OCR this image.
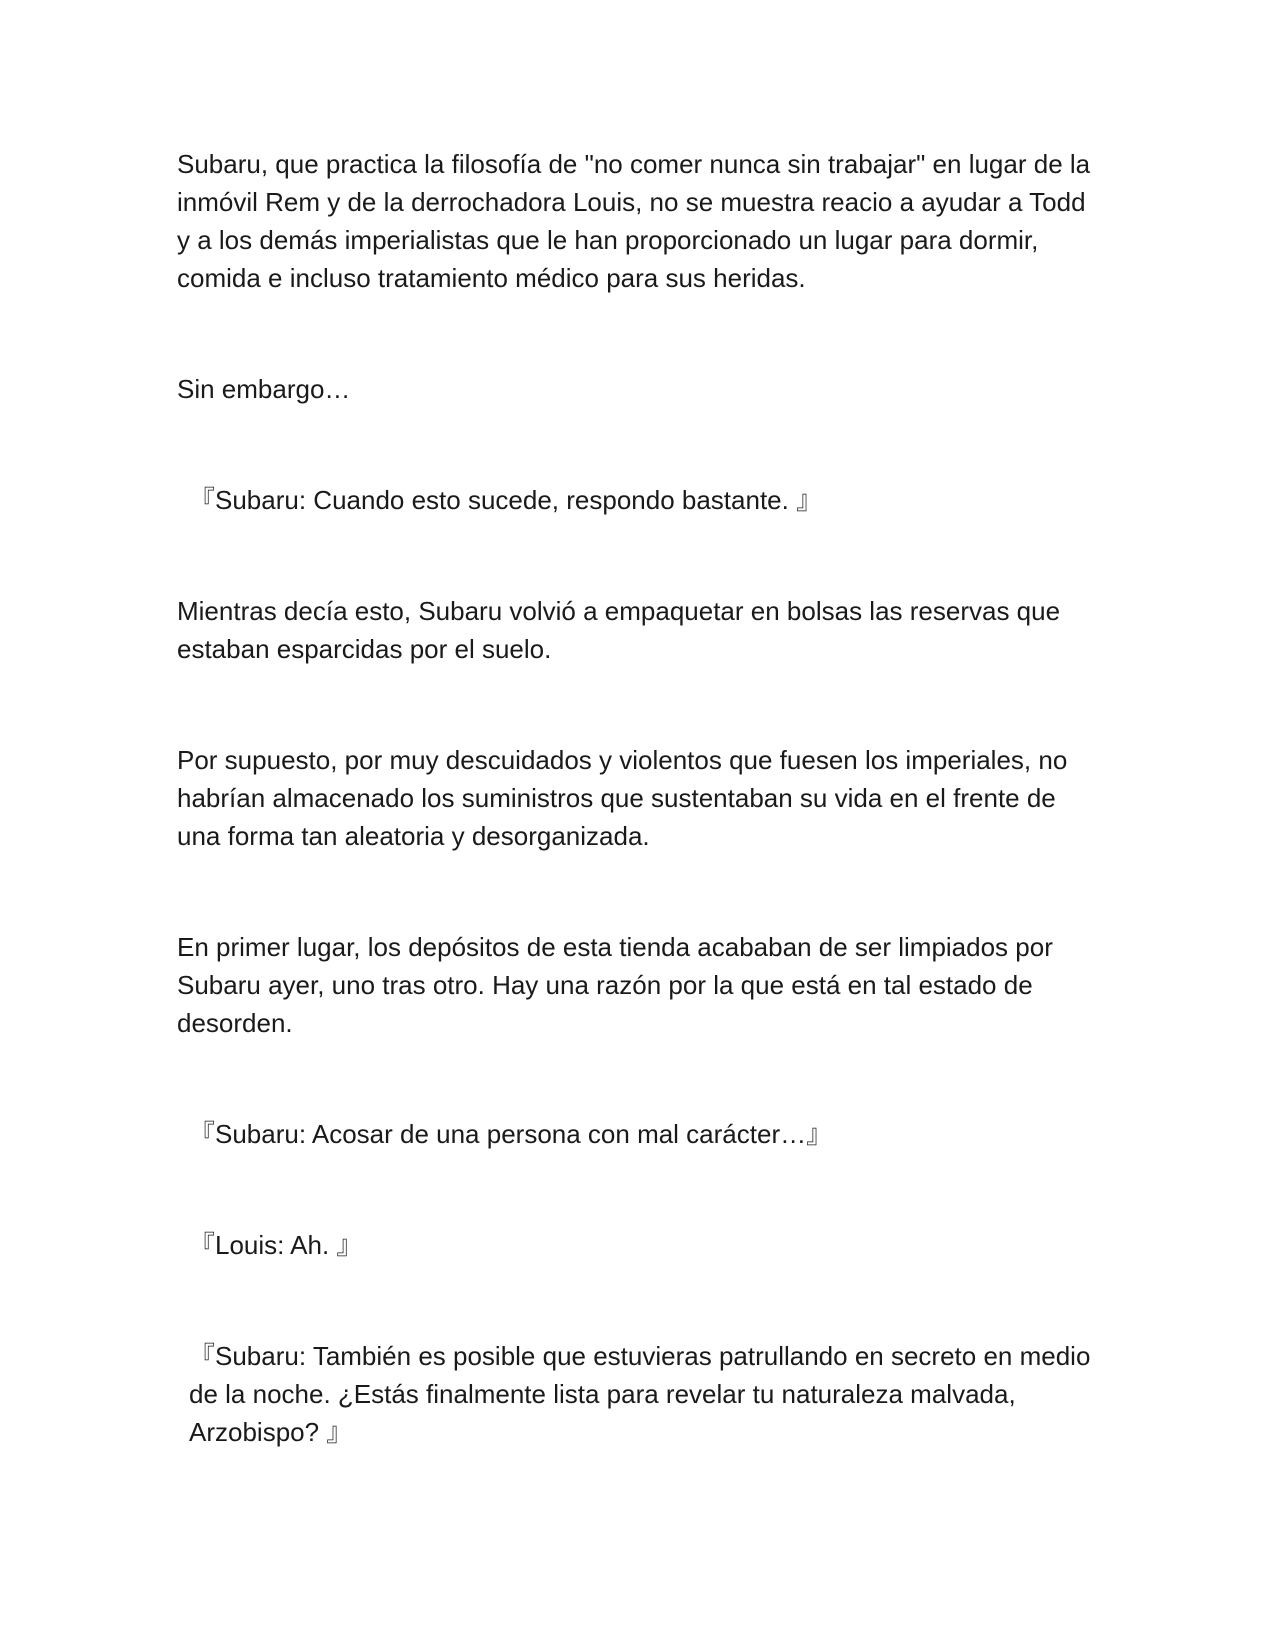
Subaru, que practica la filosofía de "no comer nunca sin trabajar" en lugar de la inmóvil Rem y de la derrochadora Louis, no se muestra reacio a ayudar a Todd y a los demás imperialistas que le han proporcionado un lugar para dormir, comida e incluso tratamiento médico para sus heridas.

Sin embargo…

『Subaru: Cuando esto sucede, respondo bastante. 』

Mientras decía esto, Subaru volvió a empaquetar en bolsas las reservas que estaban esparcidas por el suelo.

Por supuesto, por muy descuidados y violentos que fuesen los imperiales, no habrían almacenado los suministros que sustentaban su vida en el frente de una forma tan aleatoria y desorganizada.

En primer lugar, los depósitos de esta tienda acababan de ser limpiados por Subaru ayer, uno tras otro. Hay una razón por la que está en tal estado de desorden.

『Subaru: Acosar de una persona con mal carácter…』

『Louis: Ah. 』

『Subaru: También es posible que estuvieras patrullando en secreto en medio de la noche. ¿Estás finalmente lista para revelar tu naturaleza malvada, Arzobispo? 』
